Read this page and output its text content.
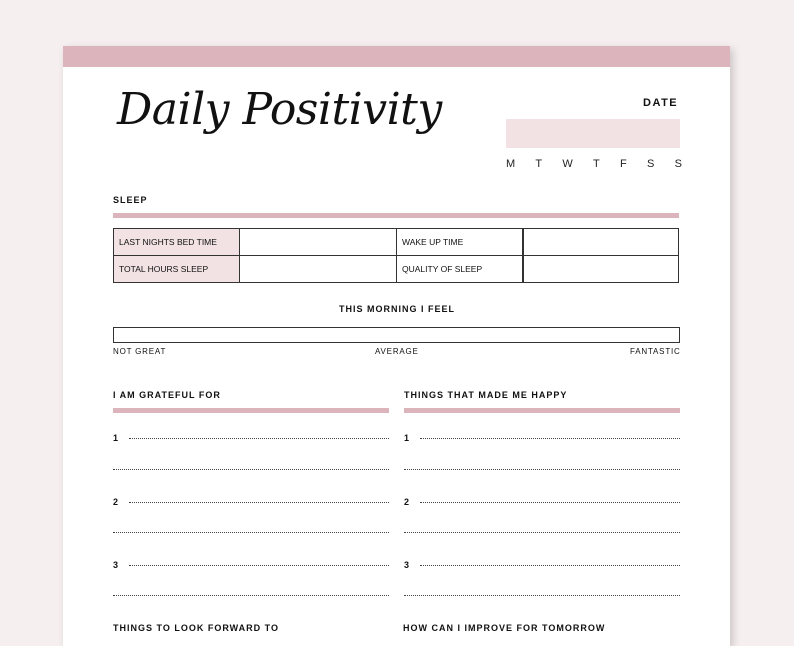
Daily Positivity	DATE
M T W T F S S
SLEEP
LAST NIGHTS BED TIME		WAKE UP TIME		
TOTAL HOURS SLEEP		QUALITY OF SLEEP		
THIS MORNING I FEEL
NOT GREAT	AVERAGE	FANTASTIC
I AM GRATEFUL FOR
1
2
3
THINGS THAT MADE ME HAPPY
1
2
3
THINGS TO LOOK FORWARD TO	HOW CAN I IMPROVE FOR TOMORROW
